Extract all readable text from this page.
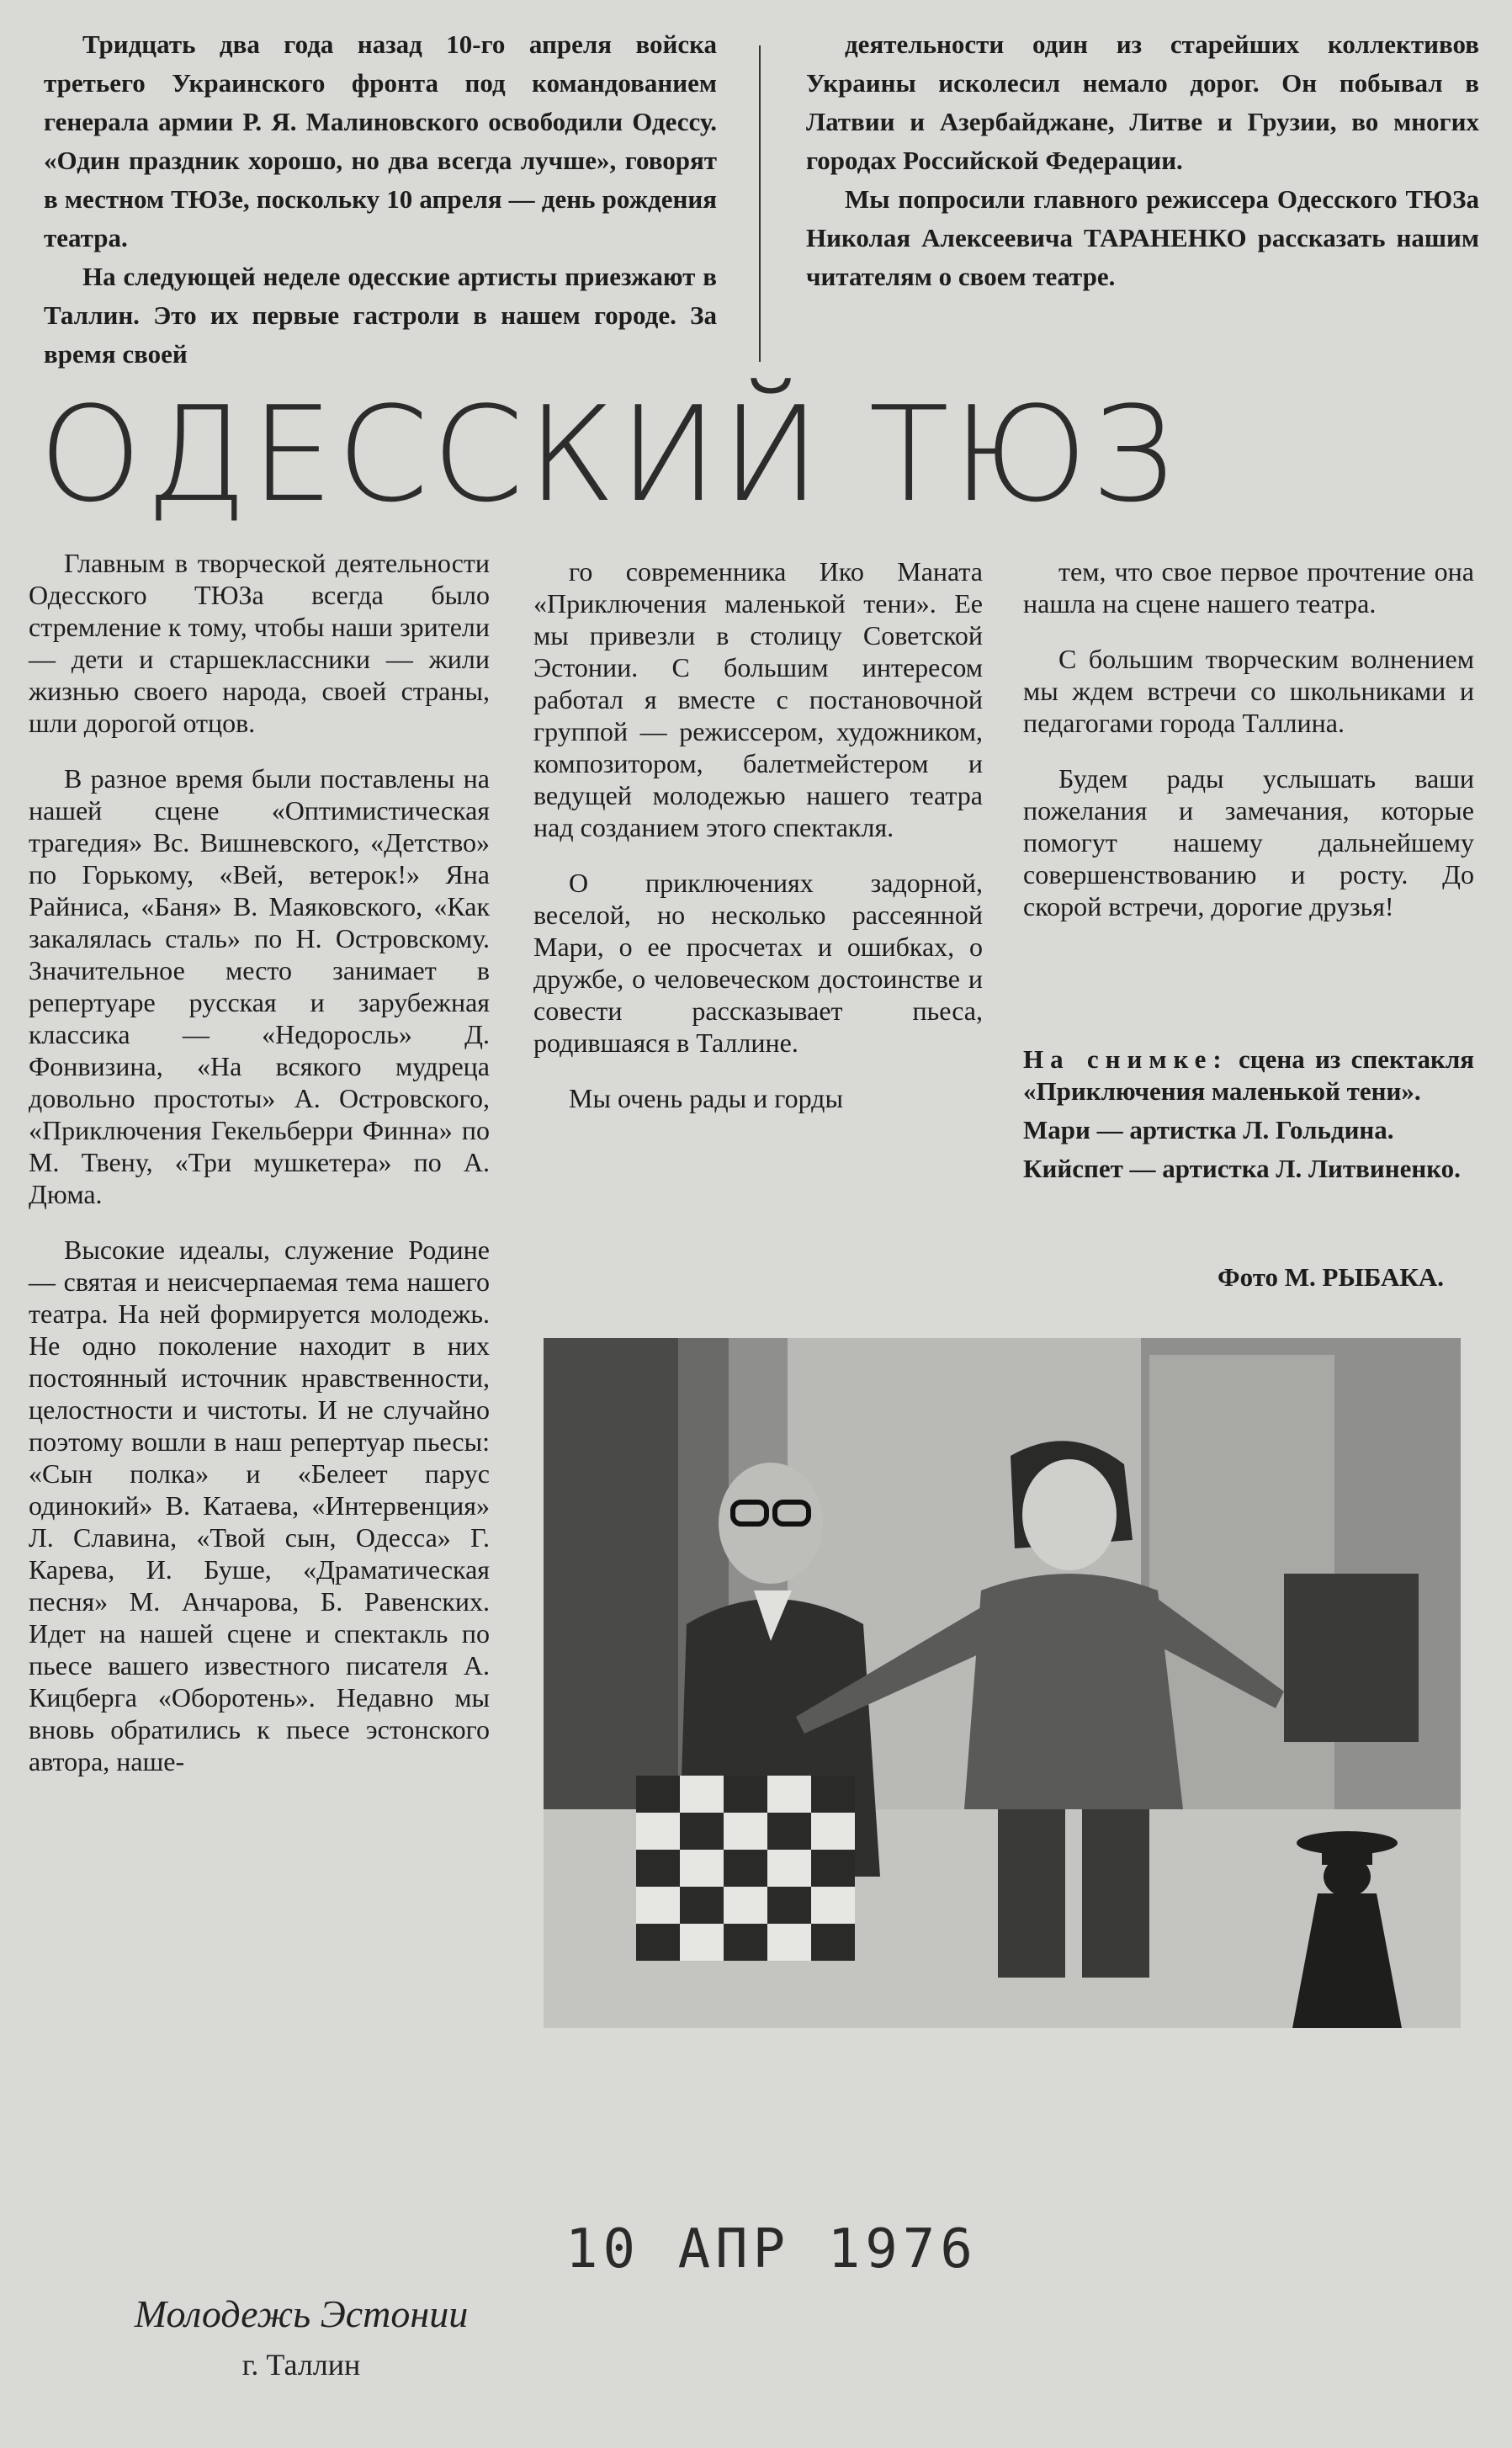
Тридцать два года назад 10-го апреля войска третьего Украинского фронта под командованием генерала армии Р. Я. Малиновского освободили Одессу. «Один праздник хорошо, но два всегда лучше», говорят в местном ТЮЗе, поскольку 10 апреля — день рождения театра.

На следующей неделе одесские артисты приезжают в Таллин. Это их первые гастроли в нашем городе. За время своей

деятельности один из старейших коллективов Украины исколесил немало дорог. Он побывал в Латвии и Азербайджане, Литве и Грузии, во многих городах Российской Федерации.

Мы попросили главного режиссера Одесского ТЮЗа Николая Алексеевича ТАРАНЕНКО рассказать нашим читателям о своем театре.

ОДЕССКИЙ ТЮЗ

Главным в творческой деятельности Одесского ТЮЗа всегда было стремление к тому, чтобы наши зрители — дети и старшеклассники — жили жизнью своего народа, своей страны, шли дорогой отцов.

В разное время были поставлены на нашей сцене «Оптимистическая трагедия» Вс. Вишневского, «Детство» по Горькому, «Вей, ветерок!» Яна Райниса, «Баня» В. Маяковского, «Как закалялась сталь» по Н. Островскому. Значительное место занимает в репертуаре русская и зарубежная классика — «Недоросль» Д. Фонвизина, «На всякого мудреца довольно простоты» А. Островского, «Приключения Гекельберри Финна» по М. Твену, «Три мушкетера» по А. Дюма.

Высокие идеалы, служение Родине — святая и неисчерпаемая тема нашего театра. На ней формируется молодежь. Не одно поколение находит в них постоянный источник нравственности, целостности и чистоты. И не случайно поэтому вошли в наш репертуар пьесы: «Сын полка» и «Белеет парус одинокий» В. Катаева, «Интервенция» Л. Славина, «Твой сын, Одесса» Г. Карева, И. Буше, «Драматическая песня» М. Анчарова, Б. Равенских. Идет на нашей сцене и спектакль по пьесе вашего известного писателя А. Кицберга «Оборотень». Недавно мы вновь обратились к пьесе эстонского автора, наше-

го современника Ико Маната «Приключения маленькой тени». Ее мы привезли в столицу Советской Эстонии. С большим интересом работал я вместе с постановочной группой — режиссером, художником, композитором, балетмейстером и ведущей молодежью нашего театра над созданием этого спектакля.

О приключениях задорной, веселой, но несколько рассеянной Мари, о ее просчетах и ошибках, о дружбе, о человеческом достоинстве и совести рассказывает пьеса, родившаяся в Таллине.

Мы очень рады и горды

тем, что свое первое прочтение она нашла на сцене нашего театра.

С большим творческим волнением мы ждем встречи со школьниками и педагогами города Таллина.

Будем рады услышать ваши пожелания и замечания, которые помогут нашему дальнейшему совершенствованию и росту. До скорой встречи, дорогие друзья!

На снимке: сцена из спектакля «Приключения маленькой тени».

Мари — артистка Л. Гольдина.

Кийспет — артистка Л. Литвиненко.

Фото М. РЫБАКА.
10 АПР 1976
Молодежь Эстонии
г. Таллин
